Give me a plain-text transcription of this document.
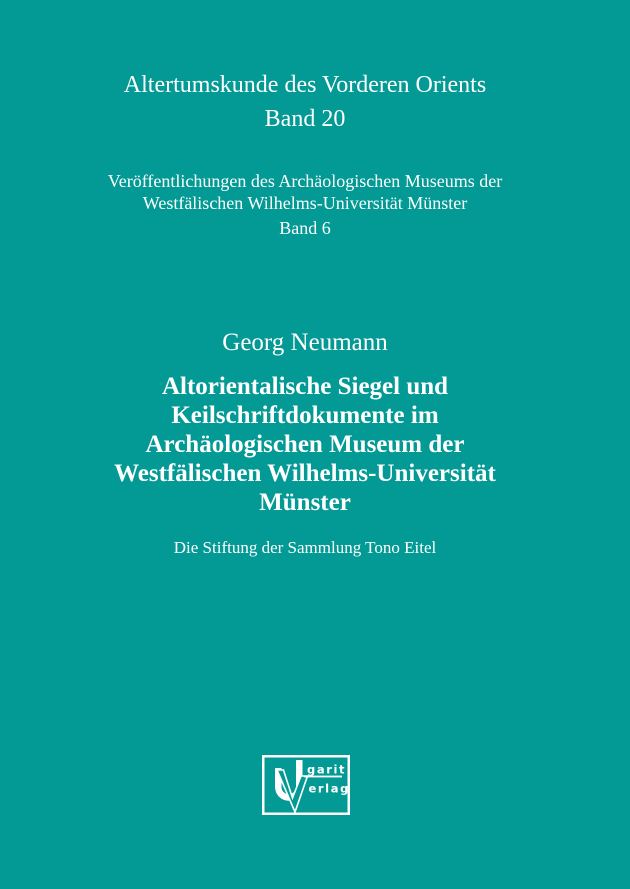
Altertumskunde des Vorderen Orients
Band 20
Veröffentlichungen des Archäologischen Museums der
Westfälischen Wilhelms-Universität Münster
Band 6
Georg Neumann
Altorientalische Siegel und
Keilschriftdokumente im
Archäologischen Museum der
Westfälischen Wilhelms-Universität
Münster
Die Stiftung der Sammlung Tono Eitel
garit
erlag
